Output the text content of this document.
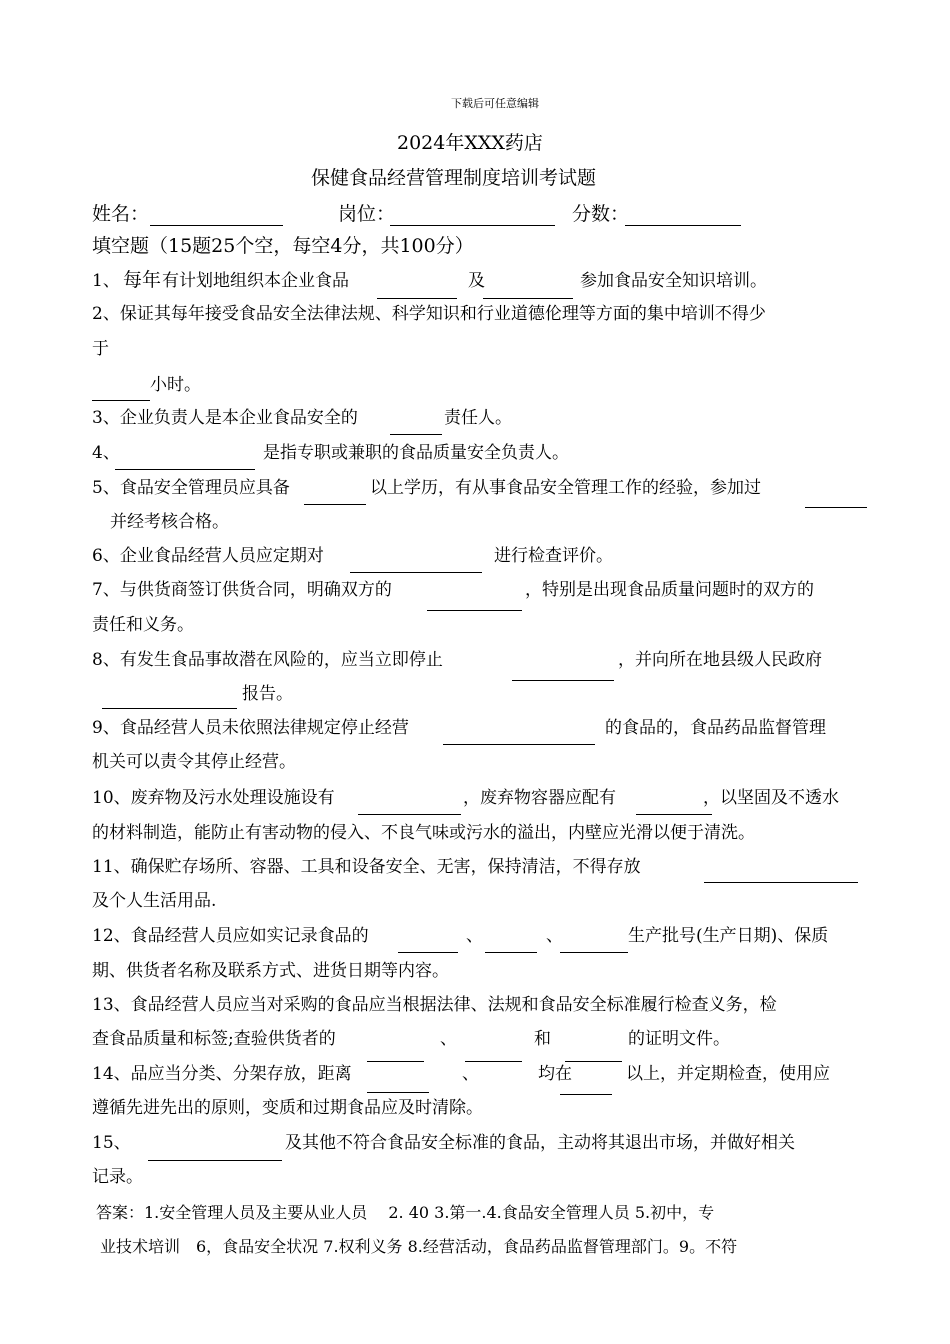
下载后可任意编辑
2024年XXX药店
保健食品经营管理制度培训考试题
姓名：	岗位：	分数：
填空题（15题25个空，每空4分，共100分）
1、 每年 有计划地组织本企业食品	及	参加食品安全知识培训。
2、保证其每年接受食品安全法律法规、科学知识和行业道德伦理等方面的集中培训不得少
于
小时。
3、企业负责人是本企业食品安全的	责任人。
4、	是指专职或兼职的食品质量安全负责人。
5、食品安全管理员应具备	以上学历，有从事食品安全管理工作的经验，参加过
并经考核合格。
6、企业食品经营人员应定期对	进行检查评价。
7、与供货商签订供货合同，明确双方的	，特别是出现食品质量问题时的双方的
责任和义务。
8、有发生食品事故潜在风险的，应当立即停止	，并向所在地县级人民政府
报告。
9、食品经营人员未依照法律规定停止经营	的食品的，食品药品监督管理
机关可以责令其停止经营。
10、废弃物及污水处理设施设有	，废弃物容器应配有	，以坚固及不透水
的材料制造，能防止有害动物的侵入、不良气味或污水的溢出，内壁应光滑以便于清洗。
11、确保贮存场所、容器、工具和设备安全、无害，保持清洁，不得存放
及个人生活用品.
12、食品经营人员应如实记录食品的	、	、	生产批号(生产日期)、保质
期、供货者名称及联系方式、进货日期等内容。
13、食品经营人员应当对采购的食品应当根据法律、法规和食品安全标准履行检查义务，检
查食品质量和标签;查验供货者的	、	和	的证明文件。
14、品应当分类、分架存放，距离	、	均在	以上，并定期检查，使用应
遵循先进先出的原则，变质和过期食品应及时清除。
15、	及其他不符合食品安全标准的食品，主动将其退出市场，并做好相关
记录。
答案：1.安全管理人员及主要从业人员　 2. 40 3.第一.4.食品安全管理人员 5.初中，专
业技术培训　6，食品安全状况 7.权利义务 8.经营活动，食品药品监督管理部门。9。不符
